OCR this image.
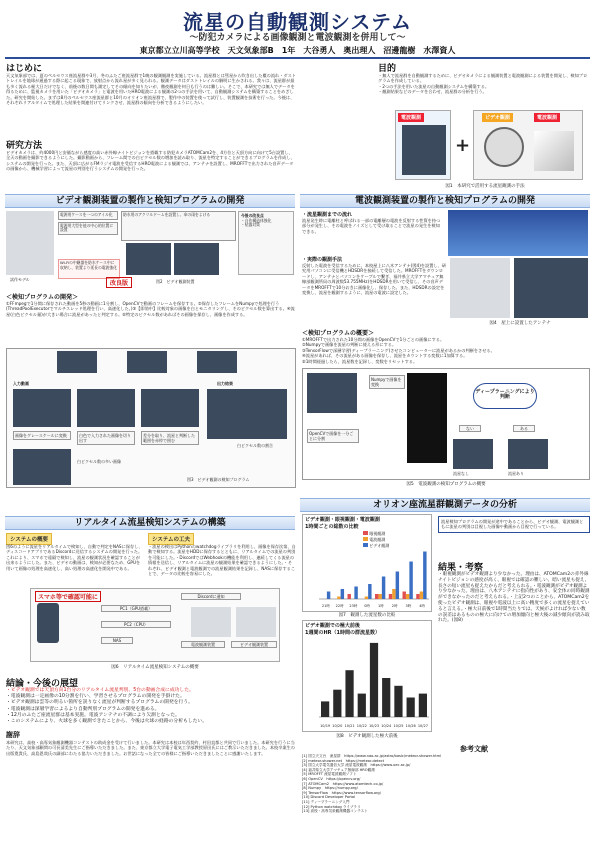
流星の自動観測システム
〜防犯カメラによる画像観測と電波観測を併用して〜
東京都立立川高等学校　天文気象部B　1年　大谷勇人　奥出理人　沼邊龍樹　水澤資人
はじめに
天文気象部では、夏のペルセウス座流星群や3月、冬のふたご座流星群で1晩の観測観測を実施している。流星群とは彗星から吹き出した塵の流れ・ダストトレイルを地球が通過する際に起こる現象で、放射点から流れ星が多く見られる。観測データはダストトレイルの解明に生かされる。我々は、流星群が最も多く流れる極大日だけでなく、前後の数日間も測定してその傾向を知りたいが、徹夜観測を何日も行うのは難しい。そこで、本研究では無人でデータを得るために、監視カメラを用いた「ビデオカメラ」と電波を用いたHRO電波による観測の2つの手法を用いて、自動観測システムを構築することをめざした。研究を開始した。まずは8月のペルセウス座流星群と10月のオリオン座流星群で、製作中の装置を使って試行し、装置観測を技術を行った。今後は、それぞれリアルタイムで処理した結果を関連付けてリンクさせ、流星群の傾向を分析できるようにしたい。
研究方法
ビデオカメラは、約4000円と安価ながら感度の高い赤外線ナイトビジョンを搭載する防犯カメラATOMCam2を、4方位と天頂方向に向けて5台設置し、全天の動画を撮影できるようにした。撮影動画から、フレーム間での白ピクセル数の増加を読み取り、流星を特定することができるプログラムを作成し、システムの開発を行った。また、天頂に広がるFMラジオ電波を受信するHRO電波による観測では、アンテナを設置し、MROFFTで出力された音声データの画像から、機械学習によって流星の判別を行うシステムの開発を行った。
目的
・無人で流星群を自動観測するために、ビデオカメラによる観測装置と電波観測による装置を開発し、検知プログラムを作成している。
・2つの手法を用いた流星の自動観測システムを構築する。
・観測結果などのデータを合わせ、流星群の分析を行う。
電波観測
+
ビデオ観測	電波観測
図1　本研究で活用する流星観測の手法
ビデオ観測装置の製作と検知プログラムの開発
試作モデル
電源用ケースを一つのアイル化
電源用大型を他の中心的位置に設置
防水用のアクリルドームを設置し、傘の雨をよける
Wi-Fiの中継器を防水ケース中に収納し、装置より延長の電波強化
今後の改良点
・自作構造体強化
・結露対策
改良版	図2　ビデオ観測装置
＜検知プログラムの開発＞
①FFmpegで1分間に保存された動画を5秒の動画に1分割し、OpenCVで動画のフレームを保存する。②保存したフレームをNumpyで処理を行う(ThreadPoolExecutorでマルチスレッド処理を行い、高速化した。)③【即効中】比較対象の画像を白とモニタリングし、そのピクセル数を算出する。④流星(白色ピクセル量)が大きい場合に流星があったと判定する。⑤特定のピクセル数があればその画像を保存し、画像を作成する。
入力動画	出力結果
画像をグレースケールに変換	白色で入力された画像を切り出す
差分を取り、流星と判断した範囲を赤枠で囲む
白ピクセル数の割合
白ピクセル数の多い画像
図3　ビデオ観測の検知プログラム
電波観測装置の製作と検知プログラムの開発
・流星観測までの流れ
流星発生時に電離柱と呼ばれる一部の電離層の電波を反射する性質を持つ部分が発生し、その電波をノイズとして受け取ることで流星の発生を検知できる。
・実際の観測手法
反射した電波を受信するために、本校屋上に八木アンテナ(図4)を設置し、研究用パソコンに受信機とHDSDRを接続して受信した。MROFFTをダウンロードし、アンテナとパソコンをケーブルで繋ぎ、福井県立大学アマチュア無線部観測所局の周波数53.755MHz)をHDSDRを用いて受信し、その音声データをMROFFTで10分おきに画像化し、保存した。また、HDSDRの設定を変換し、流星を観測するように、流星の電波に設定した。
図4　屋上に設置したアンテナ
＜検知プログラムの概要＞
①MROFFTで出力された10分間の画像をOpenCVで1分ごとの画像にする。
②Numpyで画像を流星の判断に使える形にする。
③TensorFlowで深層学習(ディープラーニング)させたコンピューターに流星があるかの判断をさせる。
④流星があれば、その流星がある画像を保存し、流星をカウントする変数に1加算する。
⑤1時間経過したら、流星数を記録し、変数をリセットする。
Numpyで画像を変換
ディープラーニングにより判断
OpenCVで画像を一分ごとに分割
ない	ある
流星なし	流星あり
図5　電波観測の検知プログラムの概要
リアルタイム流星検知システムの構築
システムの概要
図6のように流星をリアルタイムで検知し、自動で判定をNASに保存し、ディスコードアプリであるDiscordに送信するシステムの開発を行った。これにより、スマホで遠隔で検知し、流星の観測状況を確認することが出来るようにした。また、ビデオの動画は、検知が必要なため、GPUを用いて画像の処理を高速化し、高い処理の高速化を開発中である。
システムの工夫
・流星の検出はPythonのwatchdogライブラリを利用し、画像を保存次第、自動で検知する。流星をHDDに保存するとともに、リアルタイムでの流星の判別を可能にした。・DiscordではWebhookの機能を利用し、連続してくる流星の情報を送信し、リアルタイムに流星の観測結果を確認できるようにした。・それぞれ、ビデオ観測と電波観測での流星観測結果を記録し、NASに保存することで、データの比較を容易にした。
スマホ等で確認可能に
PC1（GPU搭載）
PC2（CPU）
NAS
Discordに通知
電波観測装置	ビデオ観測装置
図6　リアルタイム流星検知システムの概要
オリオン座流星群観測データの分析
ビデオ観測・眼視観測・電波観測
1時間ごとの総数の比較
眼視観測
電波観測
ビデオ観測
21時 22時 23時 0時 1時 2時 3時 4時
図7　観測した流星数の比較
流星検知プログラムの開発が途中であることから、ビデオ観測、電波観測ともに流星の判別は目視した画像や動画から目視で行っている。
ビデオ観測での極大前後
1週間のHR（1時間の群流星数）
10/19 10/20 10/21 10/22 10/23 10/24 10/25 10/26 10/27
図8　ビデオ観測した極大前後
結果・考察
・眼視観測がビデオ観測より少なかった。理由は、ATOMCam2の赤外線ナイトビジョンの感度が高く、眼視では確認の難しい、暗い流星も捉え、長さの短い流星も捉えたからだと考えられる。・電波観測がビデオ観測より少なかった。理由は、八木アンテナに指向性があり、安全体の同時観測ができなかったのだと考えられる。・上記2つのことから、ATOMCam2を使ったビデオ観測は、眼視や電波以上に高い精度で多くの流星を捉えていると言える。・極大日前後で1時間当たりでは、天候がよければ少ない数の誤差はあるものの極大に向けての増加傾向と極大後の減少傾向が読み取れた。(図8)
結論・今後の展望
・ビデオ観測では天頂方向1台分のリアルタイム流星判別、5台の動画合成に成功した。
・電波観測は一定画像の10分割を行い、学習させるプログラムの開発を手掛けた。
・ビデオ観測は雲等の明るい箇所を誤りなく流星が判断するプログラムの開発を行う。
・電波観測は深層学習によるより自動判別プログラムの開発を進める。
・12月のふたご座流星群は基本実施。電波アンテナの不調により欠測となった。
・このシステムにより、火球を多く観測できたことから、今後は火球の経路の分析もしたい。
謝辞
本研究は、高校・高専気象観測機器コンテストの助成金を受けて行いました。本研究は本校は年西契約、村田直都と共同で行いました。本研究を行うに当たり、天文気象部顧問の可長清美先生にご指導いただきました。また、東京都立大学電子電気工学部教授原田氏にはご教示いただきました。本校卒業生の出版寛貴氏、高島恩哉氏の細部にわたる協力いただきました。お世話になった全ての皆様にご指導いただきましたことに感謝いたします。
参考文献
[1] 国立天文台　流星群　https://www.nao.ac.jp/astro/basic/meteor-shower.html
[2] meteor-shower.net　https://meteor-detect
[3] 国立大学電気通信大学 流星電波観測　https://www.uec.ac.jp/
[4] 福井県立大学アマチュア無線部 HRO観測
[5] MROFFT 流星電波観測ソフト
[6] OpenCV　https://opencv.org/
[7] ATOMCam2　https://www.atomtech.co.jp/
[8] Numpy　https://numpy.org/
[9] TensorFlow　https://www.tensorflow.org/
[10] Discord Developer Portal
[11] ディープラーニング入門
[12] Python watchdog ライブラリ
[13] 高校・高専気象観測機器コンテスト
